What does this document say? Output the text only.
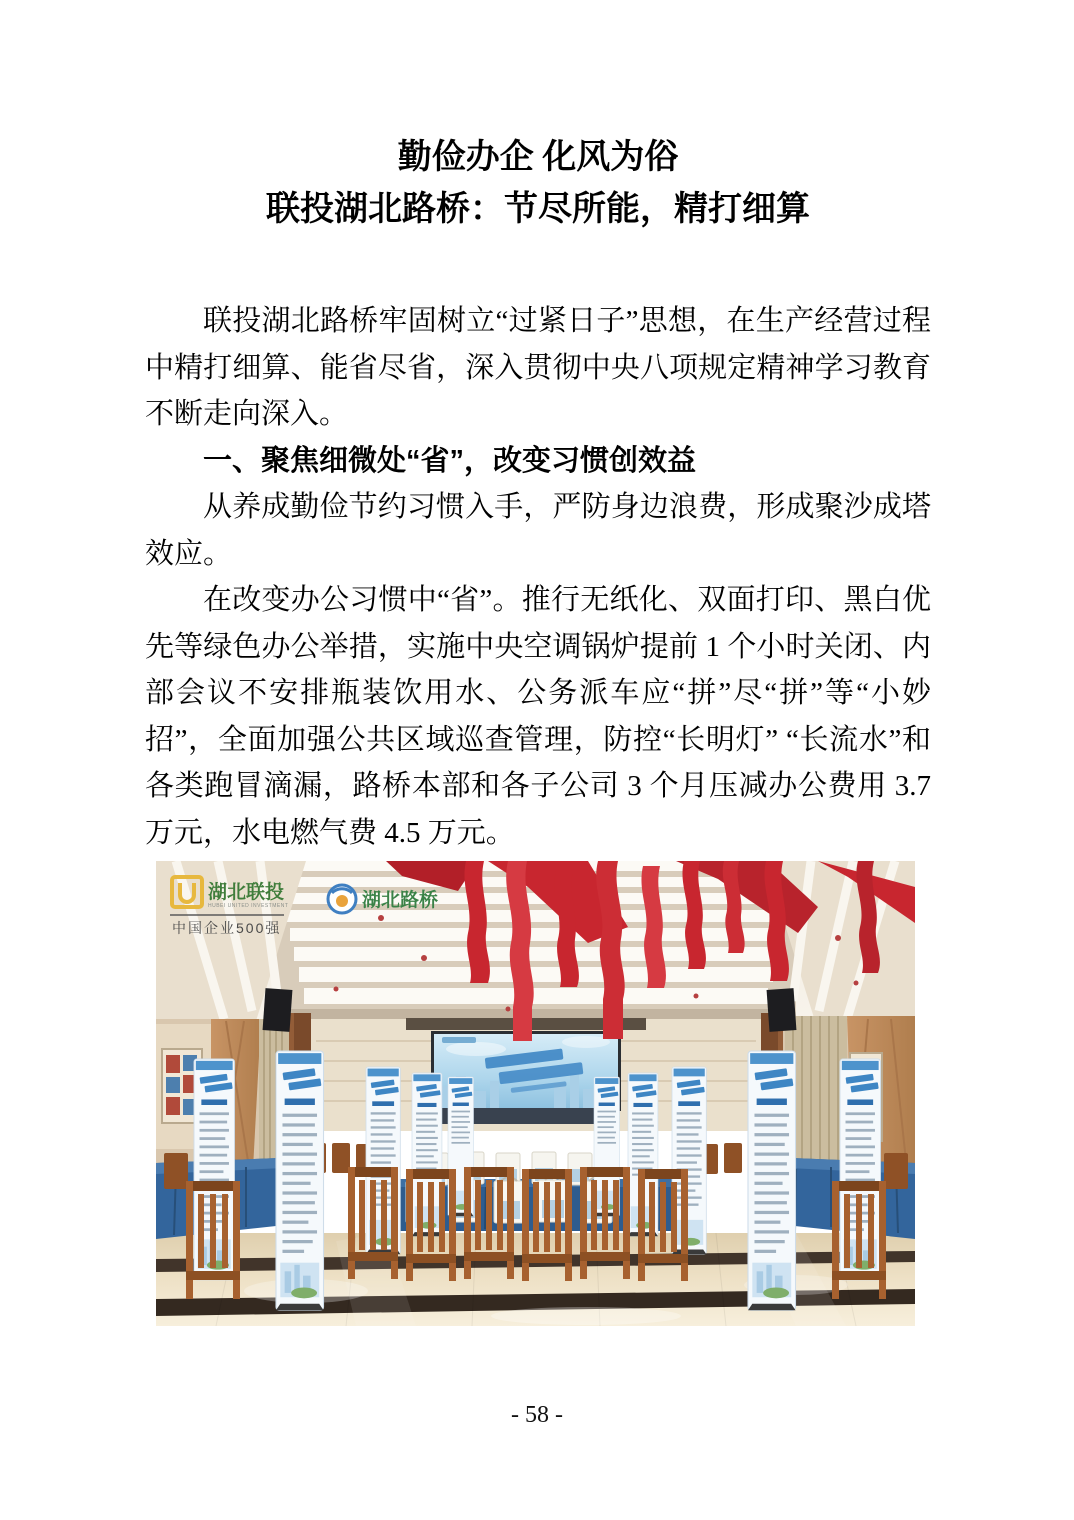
勤俭办企 化风为俗
联投湖北路桥：节尽所能，精打细算

联投湖北路桥牢固树立“过紧日子”思想，在生产经营过程中精打细算、能省尽省，深入贯彻中央八项规定精神学习教育不断走向深入。

一、聚焦细微处“省”，改变习惯创效益

从养成勤俭节约习惯入手，严防身边浪费，形成聚沙成塔效应。

在改变办公习惯中“省”。推行无纸化、双面打印、黑白优先等绿色办公举措，实施中央空调锅炉提前 1 个小时关闭、内部会议不安排瓶装饮用水、公务派车应“拼”尽“拼”等“小妙招”，全面加强公共区域巡查管理，防控“长明灯” “长流水”和各类跑冒滴漏，路桥本部和各子公司 3 个月压减办公费用 3.7 万元，水电燃气费 4.5 万元。

湖北联投
HUBEI UNITED INVESTMENT
中国企业500强
湖北路桥
- 58 -
